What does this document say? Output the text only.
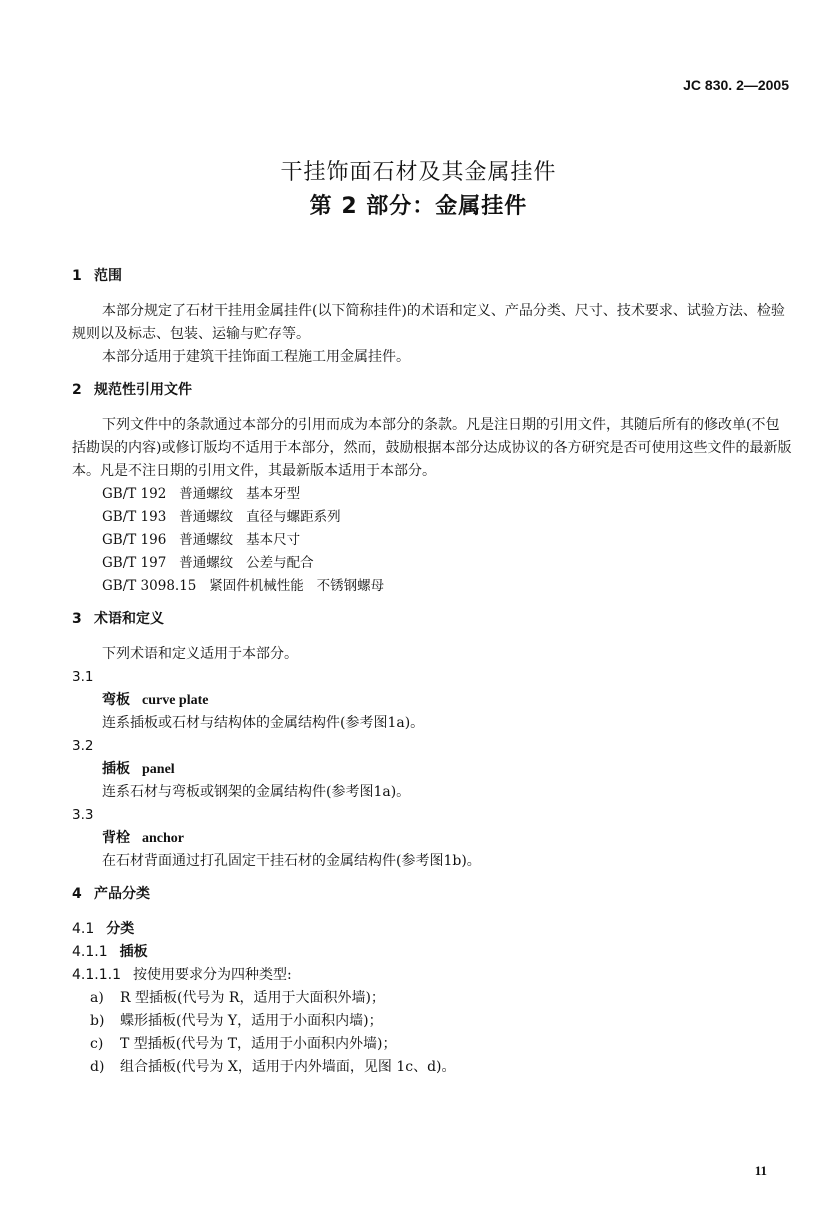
JC 830. 2—2005
干挂饰面石材及其金属挂件
第 2 部分：金属挂件

1 范围

本部分规定了石材干挂用金属挂件(以下简称挂件)的术语和定义、产品分类、尺寸、技术要求、试验方法、检验规则以及标志、包装、运输与贮存等。

本部分适用于建筑干挂饰面工程施工用金属挂件。

2 规范性引用文件

下列文件中的条款通过本部分的引用而成为本部分的条款。凡是注日期的引用文件，其随后所有的修改单(不包括勘误的内容)或修订版均不适用于本部分，然而，鼓励根据本部分达成协议的各方研究是否可使用这些文件的最新版本。凡是不注日期的引用文件，其最新版本适用于本部分。

GB/T 192   普通螺纹   基本牙型

GB/T 193   普通螺纹   直径与螺距系列

GB/T 196   普通螺纹   基本尺寸

GB/T 197   普通螺纹   公差与配合

GB/T 3098.15   紧固件机械性能   不锈钢螺母

3 术语和定义

下列术语和定义适用于本部分。

3.1

弯板 curve plate

连系插板或石材与结构体的金属结构件(参考图1a)。

3.2

插板 panel

连系石材与弯板或钢架的金属结构件(参考图1a)。

3.3

背栓 anchor

在石材背面通过打孔固定干挂石材的金属结构件(参考图1b)。

4 产品分类

4.1 分类

4.1.1 插板

4.1.1.1 按使用要求分为四种类型:

a) R 型插板(代号为 R，适用于大面积外墙)；

b) 蝶形插板(代号为 Y，适用于小面积内墙)；

c) T 型插板(代号为 T，适用于小面积内外墙)；

d) 组合插板(代号为 X，适用于内外墙面，见图 1c、d)。

11
